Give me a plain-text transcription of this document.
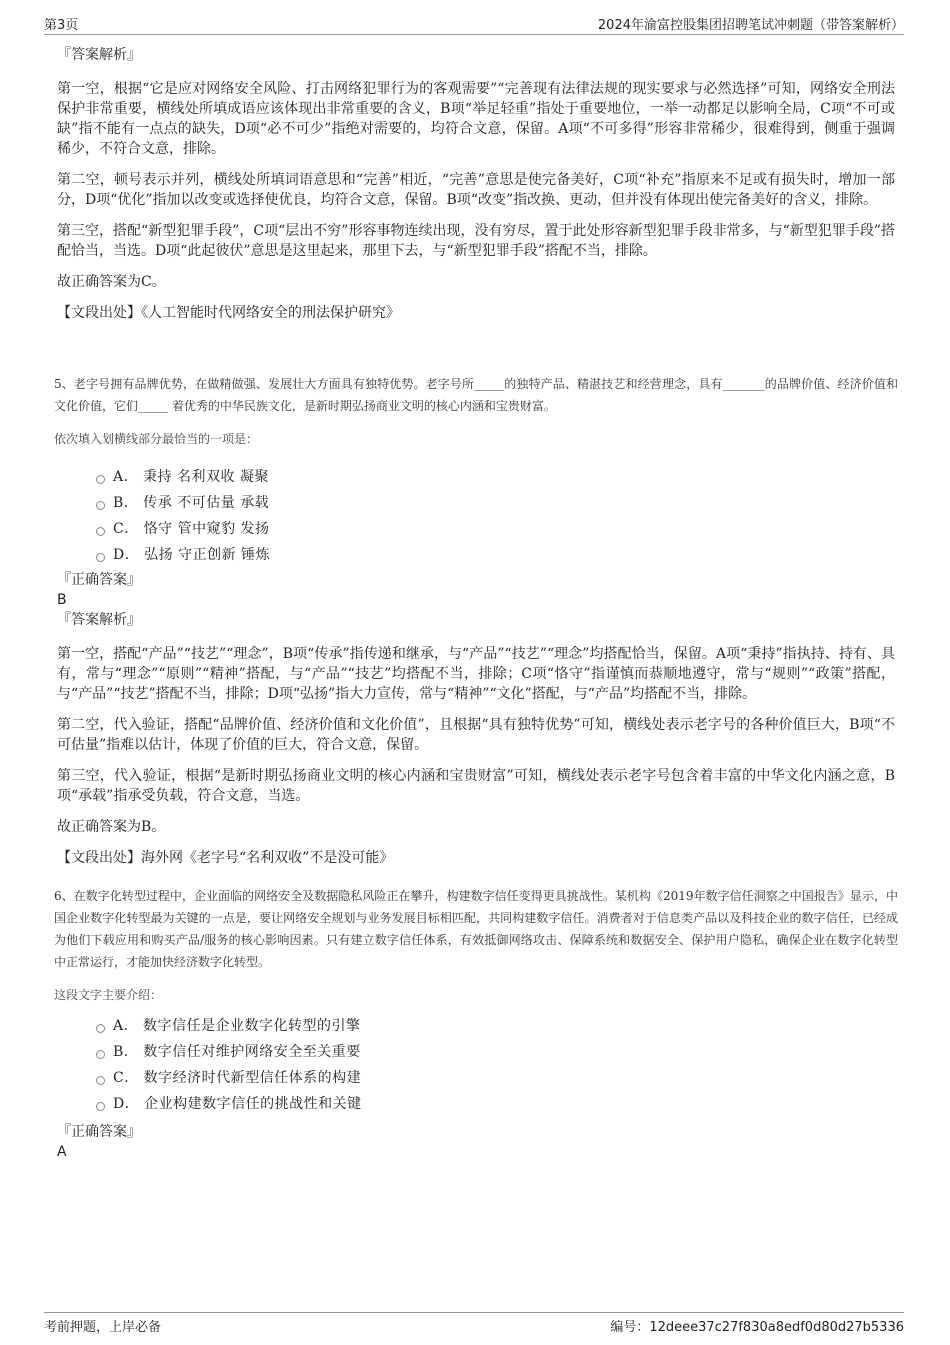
第3页	2024年渝富控股集团招聘笔试冲刺题（带答案解析）
『答案解析』
第一空，根据“它是应对网络安全风险、打击网络犯罪行为的客观需要”“完善现有法律法规的现实要求与必然选择”可知，网络安全刑法保护非常重要，横线处所填成语应该体现出非常重要的含义，B项“举足轻重”指处于重要地位，一举一动都足以影响全局，C项“不可或缺”指不能有一点点的缺失，D项“必不可少”指绝对需要的，均符合文意，保留。A项“不可多得”形容非常稀少，很难得到，侧重于强调稀少，不符合文意，排除。
第二空，顿号表示并列，横线处所填词语意思和“完善”相近，“完善”意思是使完备美好，C项“补充”指原来不足或有损失时，增加一部分，D项“优化”指加以改变或选择使优良，均符合文意，保留。B项“改变”指改换、更动，但并没有体现出使完备美好的含义，排除。
第三空，搭配“新型犯罪手段”，C项“层出不穷”形容事物连续出现，没有穷尽，置于此处形容新型犯罪手段非常多，与“新型犯罪手段”搭配恰当，当选。D项“此起彼伏”意思是这里起来，那里下去，与“新型犯罪手段”搭配不当，排除。
故正确答案为C。
【文段出处】《人工智能时代网络安全的刑法保护研究》
5、老字号拥有品牌优势，在做精做强、发展壮大方面具有独特优势。老字号所_____的独特产品、精湛技艺和经营理念，具有_______的品牌价值、经济价值和文化价值，它们_____ 着优秀的中华民族文化，是新时期弘扬商业文明的核心内涵和宝贵财富。
依次填入划横线部分最恰当的一项是：
A． 秉持 名利双收 凝聚
B． 传承 不可估量 承载
C． 恪守 管中窥豹 发扬
D． 弘扬 守正创新 锤炼
『正确答案』
B
『答案解析』
第一空，搭配“产品”“技艺”“理念”，B项“传承”指传递和继承，与“产品”“技艺”“理念”均搭配恰当，保留。A项“秉持”指执持、持有、具有，常与“理念”“原则”“精神”搭配，与“产品”“技艺”均搭配不当，排除；C项“恪守”指谨慎而恭顺地遵守，常与“规则”“政策”搭配，与“产品”“技艺”搭配不当，排除；D项“弘扬”指大力宣传，常与“精神”“文化”搭配，与“产品”均搭配不当，排除。
第二空，代入验证，搭配“品牌价值、经济价值和文化价值”，且根据“具有独特优势”可知，横线处表示老字号的各种价值巨大，B项“不可估量”指难以估计，体现了价值的巨大，符合文意，保留。
第三空，代入验证，根据“是新时期弘扬商业文明的核心内涵和宝贵财富”可知，横线处表示老字号包含着丰富的中华文化内涵之意，B项“承载”指承受负载，符合文意，当选。
故正确答案为B。
【文段出处】海外网《老字号“名利双收”不是没可能》
6、在数字化转型过程中，企业面临的网络安全及数据隐私风险正在攀升，构建数字信任变得更具挑战性。某机构《2019年数字信任洞察之中国报告》显示，中国企业数字化转型最为关键的一点是，要让网络安全规划与业务发展目标相匹配，共同构建数字信任。消费者对于信息类产品以及科技企业的数字信任，已经成为他们下载应用和购买产品/服务的核心影响因素。只有建立数字信任体系，有效抵御网络攻击、保障系统和数据安全、保护用户隐私，确保企业在数字化转型中正常运行，才能加快经济数字化转型。
这段文字主要介绍：
A． 数字信任是企业数字化转型的引擎
B． 数字信任对维护网络安全至关重要
C． 数字经济时代新型信任体系的构建
D． 企业构建数字信任的挑战性和关键
『正确答案』
A
考前押题，上岸必备	编号：12deee37c27f830a8edf0d80d27b5336
